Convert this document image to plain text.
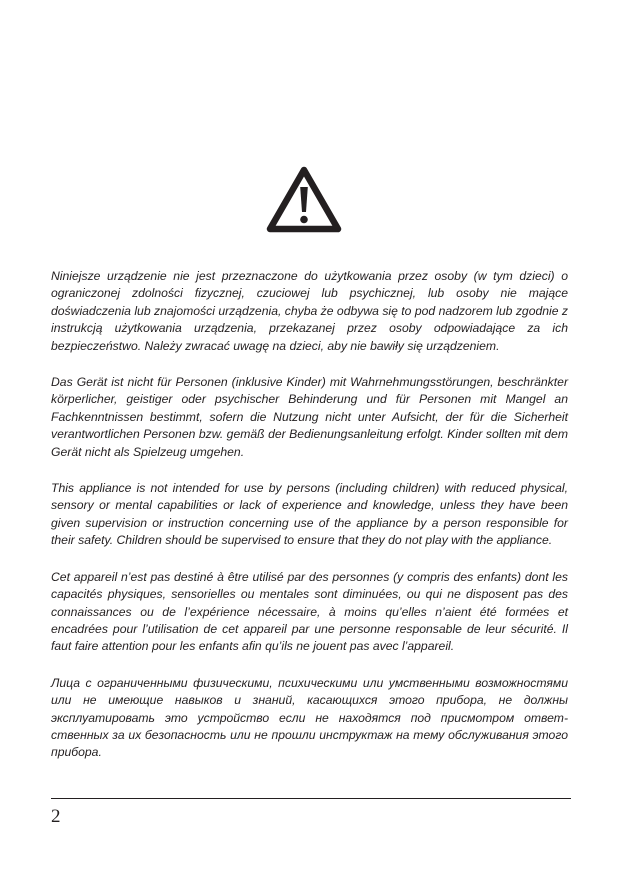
Niniejsze urządzenie nie jest przeznaczone do użytkowania przez osoby (w tym dzieci) o ograniczonej zdolności fizycznej, czuciowej lub psychicznej, lub osoby nie mające doświadczenia lub znajomości urządzenia, chyba że odbywa się to pod nadzorem lub zgodnie z instrukcją użytkowania urządzenia, przekazanej przez osoby odpowiadające za ich bezpieczeństwo. Należy zwracać uwagę na dzieci, aby nie bawiły się urządzeniem.

Das Gerät ist nicht für Personen (inklusive Kinder) mit Wahrnehmungsstörungen, beschränkter körperlicher, geistiger oder psychischer Behinderung und für Personen mit Mangel an Fachkenntnissen bestimmt, sofern die Nutzung nicht unter Aufsicht, der für die Sicherheit verantwortlichen Personen bzw. gemäß der Bedienungsanleitung erfolgt. Kinder sollten mit dem Gerät nicht als Spielzeug umgehen.

This appliance is not intended for use by persons (including children) with reduced physical, sensory or mental capabilities or lack of experience and knowledge, unless they have been given supervision or instruction concerning use of the appliance by a person responsible for their safety. Children should be supervised to ensure that they do not play with the appliance.

Cet appareil n’est pas destiné à être utilisé par des personnes (y compris des enfants) dont les capacités physiques, sensorielles ou mentales sont diminuées, ou qui ne disposent pas des connaissances ou de l’expérience nécessaire, à moins qu’elles n’aient été formées et encadrées pour l’utilisation de cet appareil par une personne responsable de leur sécurité. Il faut faire attention pour les enfants afin qu’ils ne jouent pas avec l’appareil.

Лица с ограниченными физическими, психическими или умственными возможностями или не имеющие навыков и знаний, касающихся этого прибора, не должны эксплуатировать это устройство если не находятся под присмотром ответственных за их безопасность или не прошли инструктаж на тему обслуживания этого прибора.

2
